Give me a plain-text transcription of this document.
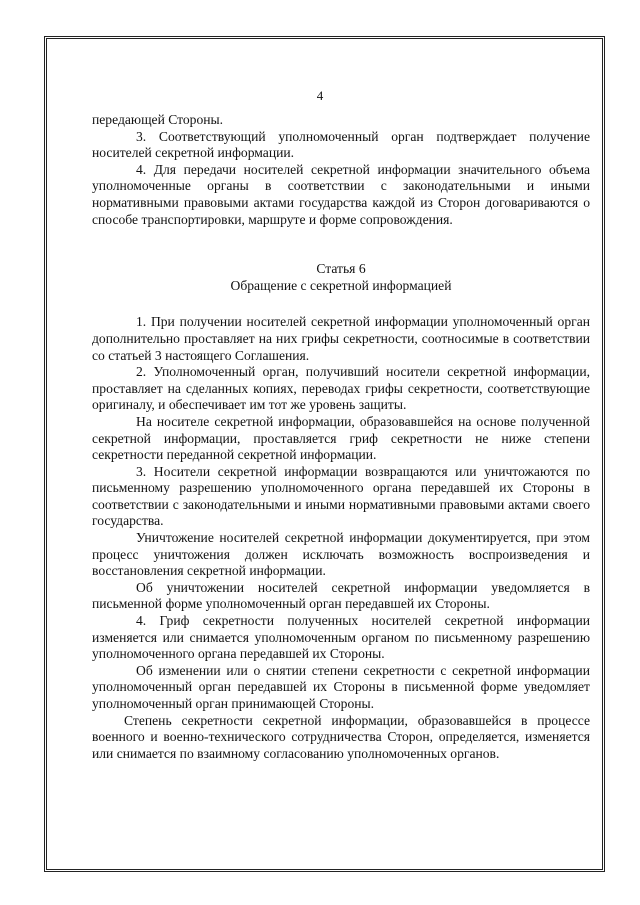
4

передающей Стороны.

3. Соответствующий уполномоченный орган подтверждает получение носителей секретной информации.

4. Для передачи носителей секретной информации значительного объема уполномоченные органы в соответствии с законодательными и иными нормативными правовыми актами государства каждой из Сторон договариваются о способе транспортировки, маршруте и форме сопровождения.

Статья 6

Обращение с секретной информацией

1. При получении носителей секретной информации уполномоченный орган дополнительно проставляет на них грифы секретности, соотносимые в соответствии со статьей 3 настоящего Соглашения.

2. Уполномоченный орган, получивший носители секретной информации, проставляет на сделанных копиях, переводах грифы секретности, соответствующие оригиналу, и обеспечивает им тот же уровень защиты.

На носителе секретной информации, образовавшейся на основе полученной секретной информации, проставляется гриф секретности не ниже степени секретности переданной секретной информации.

3. Носители секретной информации возвращаются или уничтожаются по письменному разрешению уполномоченного органа передавшей их Стороны в соответствии с законодательными и иными нормативными правовыми актами своего государства.

Уничтожение носителей секретной информации документируется, при этом процесс уничтожения должен исключать возможность воспроизведения и восстановления секретной информации.

Об уничтожении носителей секретной информации уведомляется в письменной форме уполномоченный орган передавшей их Стороны.

4. Гриф секретности полученных носителей секретной информации изменяется или снимается уполномоченным органом по письменному разрешению уполномоченного органа передавшей их Стороны.

Об изменении или о снятии степени секретности с секретной информации уполномоченный орган передавшей их Стороны в письменной форме уведомляет уполномоченный орган принимающей Стороны.

Степень секретности секретной информации, образовавшейся в процессе военного и военно-технического сотрудничества Сторон, определяется, изменяется или снимается по взаимному согласованию уполномоченных органов.
